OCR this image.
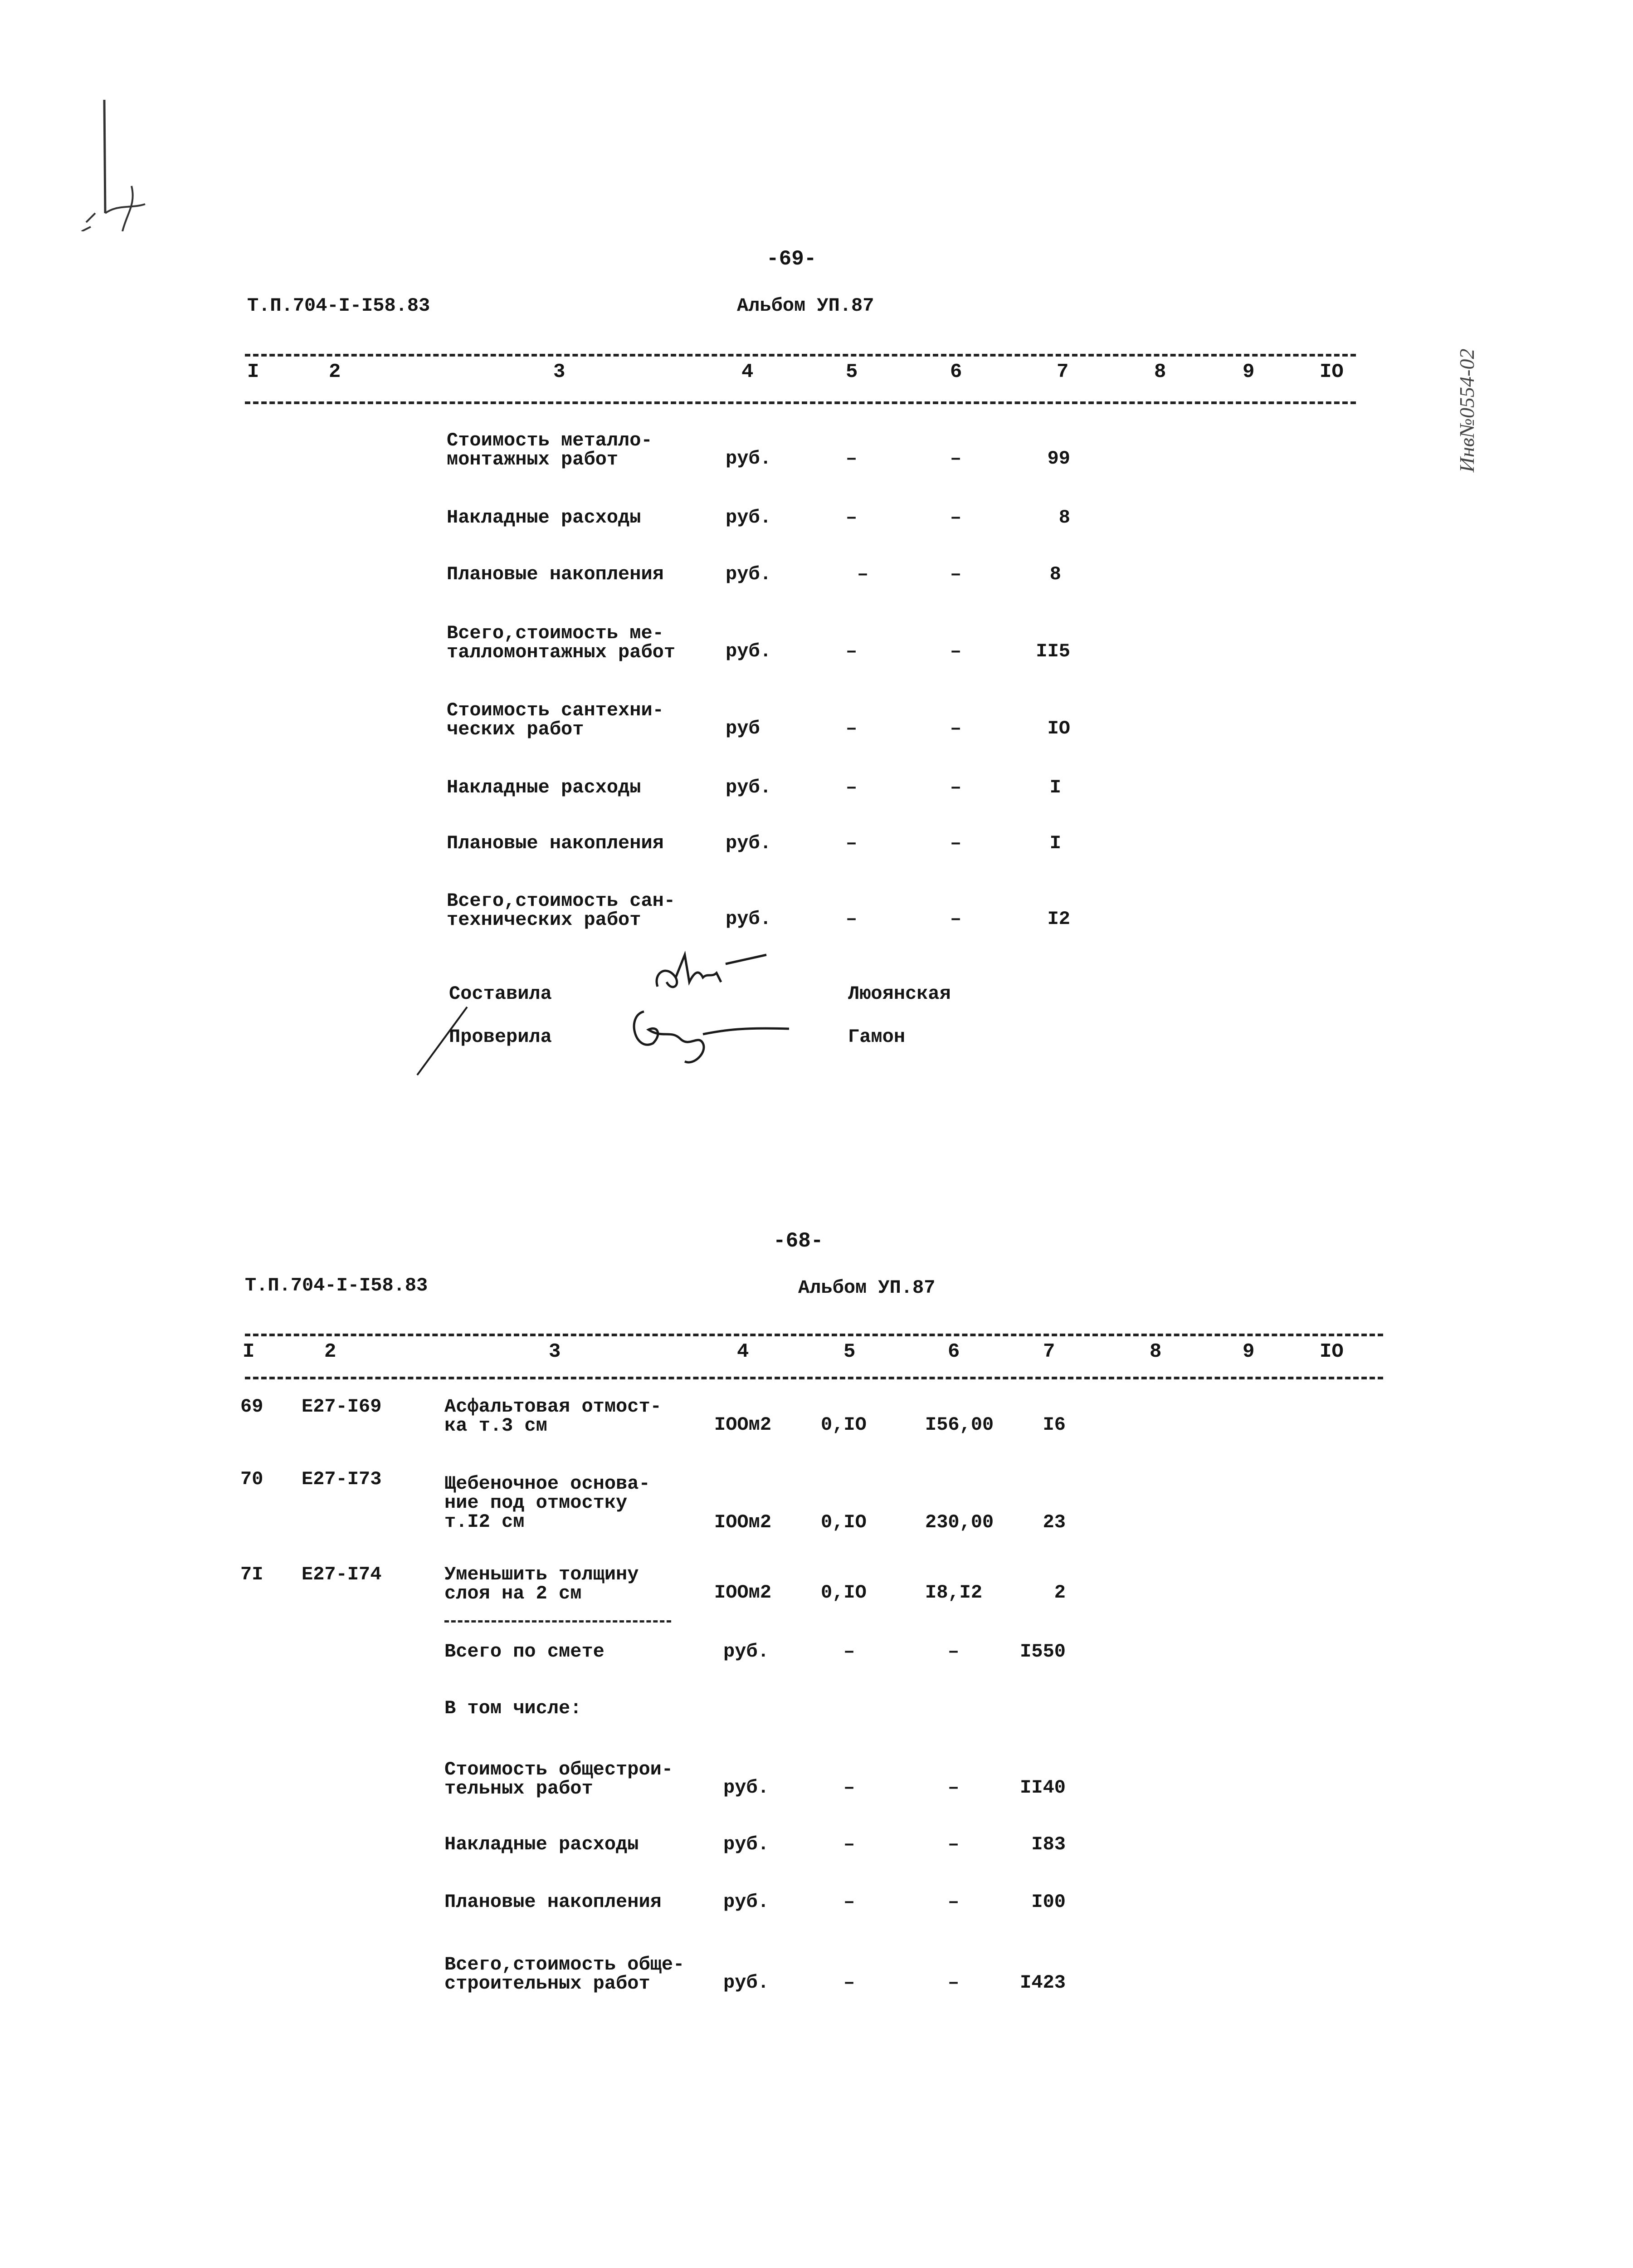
Инв№0554-02
-69-
Т.П.704-I-I58.83	Альбом УП.87
I	2	3	4	5	6	7	8	9	IO
Стоимость металло-
монтажных работ	руб.	–	–	99
Накладные расходы	руб.	–	–	8
Плановые накопления	руб.	–	–	8
Всего,стоимость ме-
талломонтажных работ	руб.	–	–	II5
Стоимость сантехни-
ческих работ	руб	–	–	IO
Накладные расходы	руб.	–	–	I
Плановые накопления	руб.	–	–	I
Всего,стоимость сан-
технических работ	руб.	–	–	I2
Составила	Люоянская
Проверила	Гамон
-68-
Т.П.704-I-I58.83	Альбом УП.87
I	2	3	4	5	6	7	8	9	IO
69 Е27-I69	Асфальтовая отмост-
ка т.3 см	IOOм2	0,IO	I56,00	I6
70 Е27-I73	Щебеночное основа-
ние под отмостку
т.I2 см	IOOм2	0,IO	230,00	23
7I Е27-I74	Уменьшить толщину
слоя на 2 см	IOOм2	0,IO	I8,I2	2
Всего по смете	руб.	–	–	I550
В том числе:
Стоимость общестрои-
тельных работ	руб.	–	–	II40
Накладные расходы	руб.	–	–	I83
Плановые накопления	руб.	–	–	I00
Всего,стоимость обще-
строительных работ	руб.	–	–	I423
